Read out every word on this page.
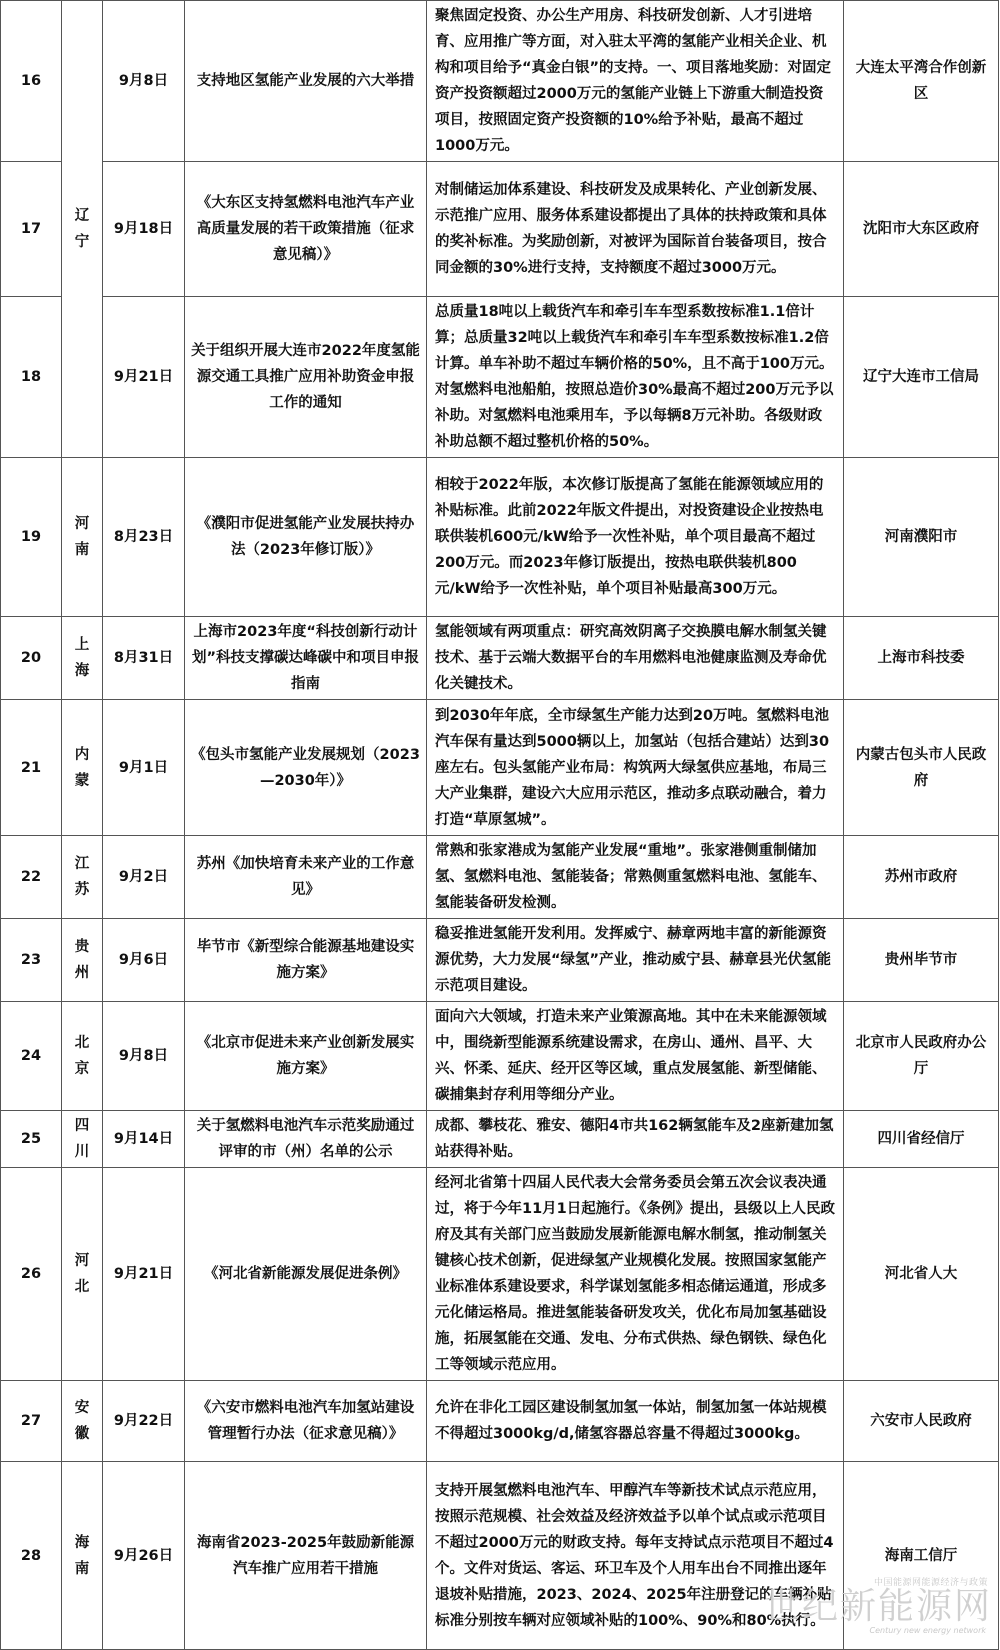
16	辽宁	9月8日	支持地区氢能产业发展的六大举措	聚焦固定投资、办公生产用房、科技研发创新、人才引进培育、应用推广等方面，对入驻太平湾的氢能产业相关企业、机构和项目给予“真金白银”的支持。一、项目落地奖励：对固定资产投资额超过2000万元的氢能产业链上下游重大制造投资项目，按照固定资产投资额的10%给予补贴，最高不超过1000万元。	大连太平湾合作创新区
17		9月18日	《大东区支持氢燃料电池汽车产业高质量发展的若干政策措施（征求意见稿）》	对制储运加体系建设、科技研发及成果转化、产业创新发展、示范推广应用、服务体系建设都提出了具体的扶持政策和具体的奖补标准。为奖励创新，对被评为国际首台装备项目，按合同金额的30%进行支持，支持额度不超过3000万元。	沈阳市大东区政府
18		9月21日	关于组织开展大连市2022年度氢能源交通工具推广应用补助资金申报工作的通知	总质量18吨以上载货汽车和牵引车车型系数按标准1.1倍计算；总质量32吨以上载货汽车和牵引车车型系数按标准1.2倍计算。单车补助不超过车辆价格的50%，且不高于100万元。对氢燃料电池船舶，按照总造价30%最高不超过200万元予以补助。对氢燃料电池乘用车，予以每辆8万元补助。各级财政补助总额不超过整机价格的50%。	辽宁大连市工信局
19	河南	8月23日	《濮阳市促进氢能产业发展扶持办法（2023年修订版）》	相较于2022年版，本次修订版提高了氢能在能源领域应用的补贴标准。此前2022年版文件提出，对投资建设企业按热电联供装机600元/kW给予一次性补贴，单个项目最高不超过200万元。而2023年修订版提出，按热电联供装机800元/kW给予一次性补贴，单个项目补贴最高300万元。	河南濮阳市
20	上海	8月31日	上海市2023年度“科技创新行动计划”科技支撑碳达峰碳中和项目申报指南	氢能领域有两项重点：研究高效阴离子交换膜电解水制氢关键技术、基于云端大数据平台的车用燃料电池健康监测及寿命优化关键技术。	上海市科技委
21	内蒙	9月1日	《包头市氢能产业发展规划（2023—2030年）》	到2030年年底，全市绿氢生产能力达到20万吨。氢燃料电池汽车保有量达到5000辆以上，加氢站（包括合建站）达到30座左右。包头氢能产业布局：构筑两大绿氢供应基地，布局三大产业集群，建设六大应用示范区，推动多点联动融合，着力打造“草原氢城”。	内蒙古包头市人民政府
22	江苏	9月2日	苏州《加快培育未来产业的工作意见》	常熟和张家港成为氢能产业发展“重地”。张家港侧重制储加氢、氢燃料电池、氢能装备；常熟侧重氢燃料电池、氢能车、氢能装备研发检测。	苏州市政府
23	贵州	9月6日	毕节市《新型综合能源基地建设实施方案》	稳妥推进氢能开发利用。发挥威宁、赫章两地丰富的新能源资源优势，大力发展“绿氢”产业，推动威宁县、赫章县光伏氢能示范项目建设。	贵州毕节市
24	北京	9月8日	《北京市促进未来产业创新发展实施方案》	面向六大领域，打造未来产业策源高地。其中在未来能源领域中，围绕新型能源系统建设需求，在房山、通州、昌平、大兴、怀柔、延庆、经开区等区域，重点发展氢能、新型储能、碳捕集封存利用等细分产业。	北京市人民政府办公厅
25	四川	9月14日	关于氢燃料电池汽车示范奖励通过评审的市（州）名单的公示	成都、攀枝花、雅安、德阳4市共162辆氢能车及2座新建加氢站获得补贴。	四川省经信厅
26	河北	9月21日	《河北省新能源发展促进条例》	经河北省第十四届人民代表大会常务委员会第五次会议表决通过，将于今年11月1日起施行。《条例》提出，县级以上人民政府及其有关部门应当鼓励发展新能源电解水制氢，推动制氢关键核心技术创新，促进绿氢产业规模化发展。按照国家氢能产业标准体系建设要求，科学谋划氢能多相态储运通道，形成多元化储运格局。推进氢能装备研发攻关，优化布局加氢基础设施，拓展氢能在交通、发电、分布式供热、绿色钢铁、绿色化工等领域示范应用。	河北省人大
27	安徽	9月22日	《六安市燃料电池汽车加氢站建设管理暂行办法（征求意见稿）》	允许在非化工园区建设制氢加氢一体站，制氢加氢一体站规模不得超过3000kg/d,储氢容器总容量不得超过3000kg。	六安市人民政府
28	海南	9月26日	海南省2023-2025年鼓励新能源汽车推广应用若干措施	支持开展氢燃料电池汽车、甲醇汽车等新技术试点示范应用，按照示范规模、社会效益及经济效益予以单个试点或示范项目不超过2000万元的财政支持。每年支持试点示范项目不超过4个。文件对货运、客运、环卫车及个人用车出台不同推出逐年退坡补贴措施，2023、2024、2025年注册登记的车辆补贴标准分别按车辆对应领域补贴的100%、90%和80%执行。	海南工信厅
中国能源网能源经济与政策
世纪新能源网
Century new energy network
